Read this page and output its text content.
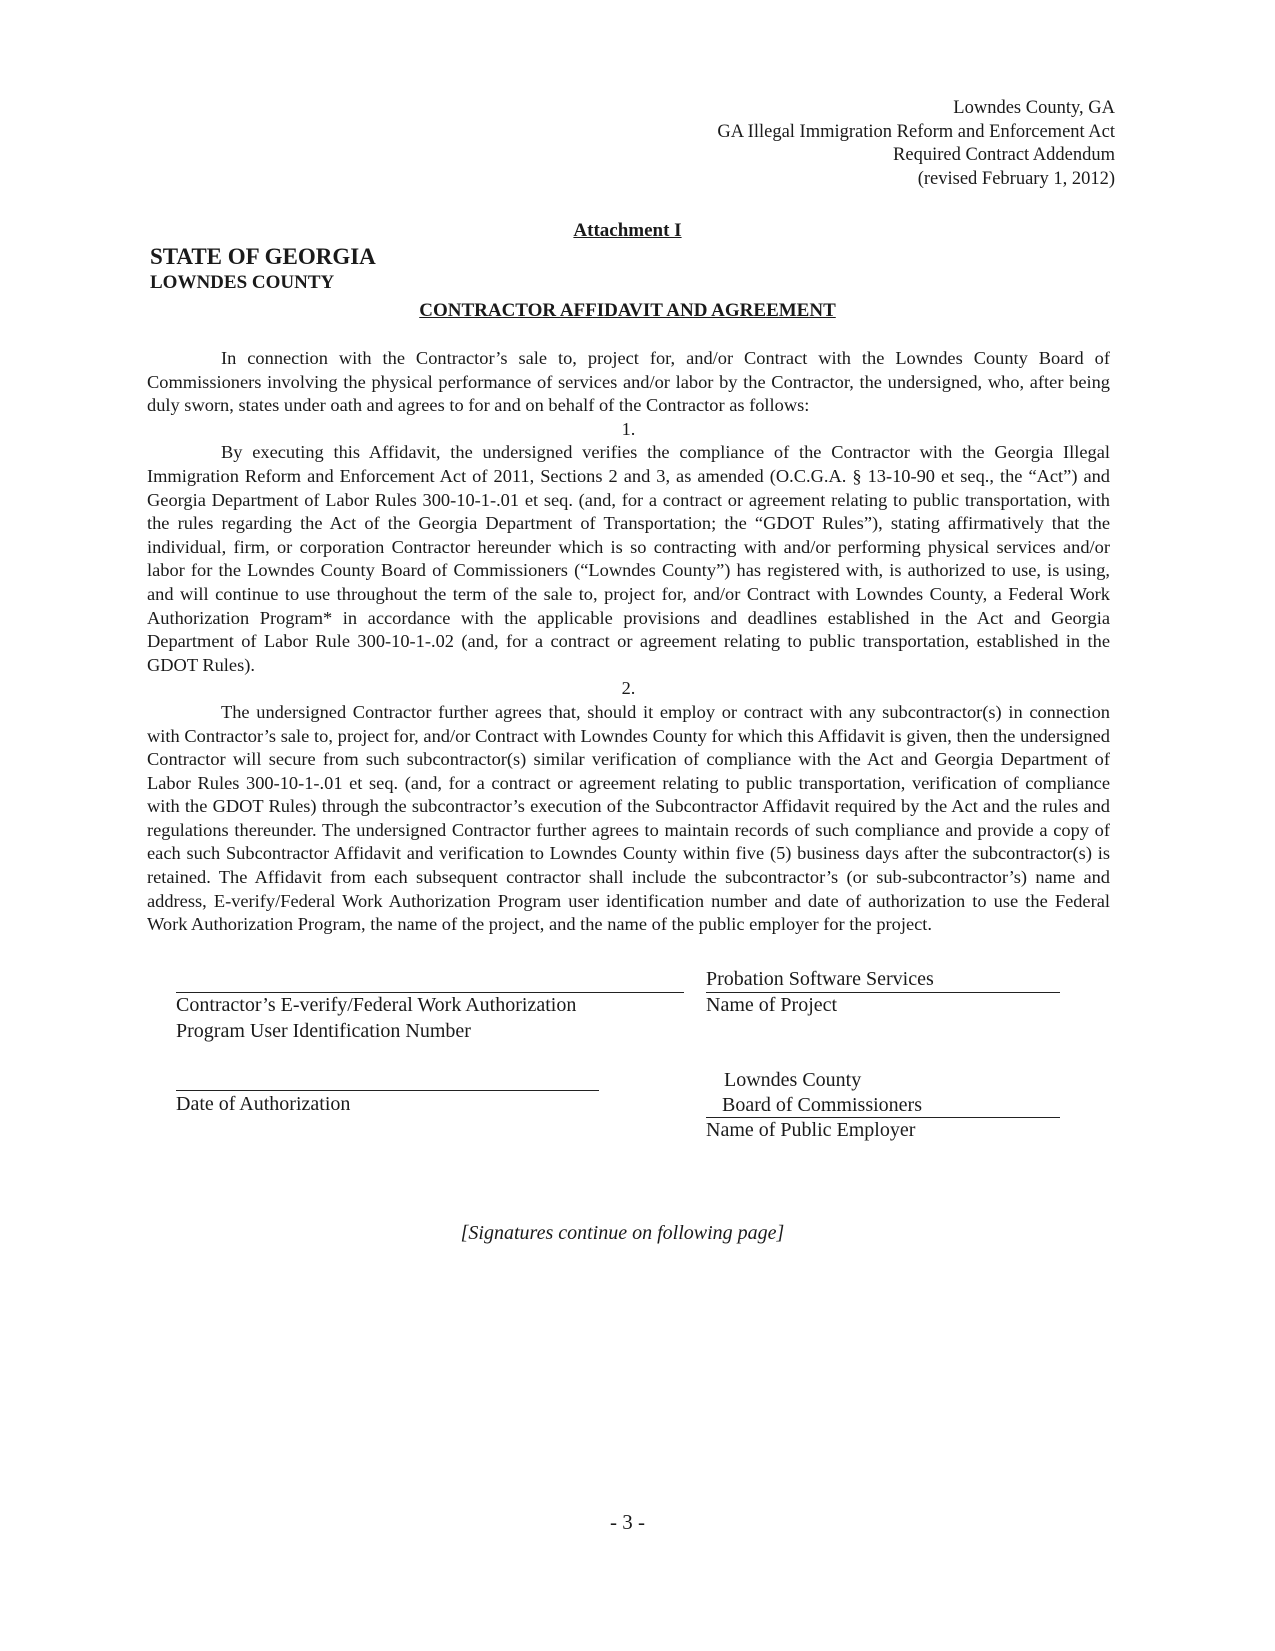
Lowndes County, GA
GA Illegal Immigration Reform and Enforcement Act
Required Contract Addendum
(revised February 1, 2012)
Attachment I
STATE OF GEORGIA
LOWNDES COUNTY
CONTRACTOR AFFIDAVIT AND AGREEMENT

In connection with the Contractor’s sale to, project for, and/or Contract with the Lowndes County Board of Commissioners involving the physical performance of services and/or labor by the Contractor, the undersigned, who, after being duly sworn, states under oath and agrees to for and on behalf of the Contractor as follows:

1.

By executing this Affidavit, the undersigned verifies the compliance of the Contractor with the Georgia Illegal Immigration Reform and Enforcement Act of 2011, Sections 2 and 3, as amended (O.C.G.A. § 13-10-90 et seq., the “Act”) and Georgia Department of Labor Rules 300-10-1-.01 et seq. (and, for a contract or agreement relating to public transportation, with the rules regarding the Act of the Georgia Department of Transportation; the “GDOT Rules”), stating affirmatively that the individual, firm, or corporation Contractor hereunder which is so contracting with and/or performing physical services and/or labor for the Lowndes County Board of Commissioners (“Lowndes County”) has registered with, is authorized to use, is using, and will continue to use throughout the term of the sale to, project for, and/or Contract with Lowndes County, a Federal Work Authorization Program* in accordance with the applicable provisions and deadlines established in the Act and Georgia Department of Labor Rule 300-10-1-.02 (and, for a contract or agreement relating to public transportation, established in the GDOT Rules).

2.

The undersigned Contractor further agrees that, should it employ or contract with any subcontractor(s) in connection with Contractor’s sale to, project for, and/or Contract with Lowndes County for which this Affidavit is given, then the undersigned Contractor will secure from such subcontractor(s) similar verification of compliance with the Act and Georgia Department of Labor Rules 300-10-1-.01 et seq. (and, for a contract or agreement relating to public transportation, verification of compliance with the GDOT Rules) through the subcontractor’s execution of the Subcontractor Affidavit required by the Act and the rules and regulations thereunder. The undersigned Contractor further agrees to maintain records of such compliance and provide a copy of each such Subcontractor Affidavit and verification to Lowndes County within five (5) business days after the subcontractor(s) is retained. The Affidavit from each subsequent contractor shall include the subcontractor’s (or sub-subcontractor’s) name and address, E-verify/Federal Work Authorization Program user identification number and date of authorization to use the Federal Work Authorization Program, the name of the project, and the name of the public employer for the project.

Contractor’s E-verify/Federal Work Authorization
Program User Identification Number
Probation Software Services
Name of Project
Date of Authorization
Lowndes County
Board of Commissioners
Name of Public Employer
[Signatures continue on following page]
- 3 -
